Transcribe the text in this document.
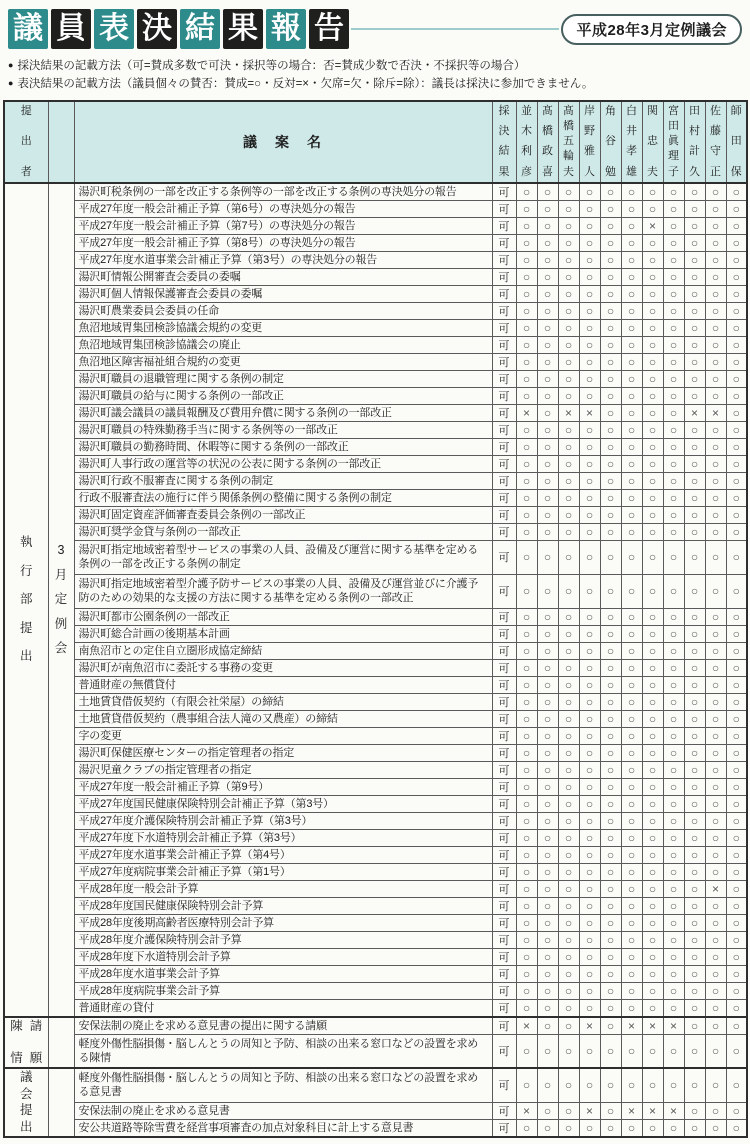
議 員 表 決 結 果 報 告	平成28年3月定例議会
● 採決結果の記載方法（可=賛成多数で可決・採択等の場合：否=賛成少数で否決・不採択等の場合）
● 表決結果の記載方法（議員個々の賛否：賛成=○・反対=×・欠席=欠・除斥=除）：議長は採決に参加できません。
提
出
者		議　案　名	採
決
結
果	並
木
利
彦	髙
橋
政
喜	髙
橋
五
輪
夫	岸
野
雅
人	角
谷
勉	白
井
孝
雄	関
忠
夫	宮
田
眞
理
子	田
村
計
久	佐
藤
守
正	師
田
保

執
行
部
提
出	3
月
定
例
会	湯沢町税条例の一部を改正する条例等の一部を改正する条例の専決処分の報告	可	○	○	○	○	○	○	○	○	○	○	○
		平成27年度一般会計補正予算（第6号）の専決処分の報告	可	○	○	○	○	○	○	○	○	○	○	○
		平成27年度一般会計補正予算（第7号）の専決処分の報告	可	○	○	○	○	○	○	×	○	○	○	○
		平成27年度一般会計補正予算（第8号）の専決処分の報告	可	○	○	○	○	○	○	○	○	○	○	○
		平成27年度水道事業会計補正予算（第3号）の専決処分の報告	可	○	○	○	○	○	○	○	○	○	○	○
		湯沢町情報公開審査会委員の委嘱	可	○	○	○	○	○	○	○	○	○	○	○
		湯沢町個人情報保護審査会委員の委嘱	可	○	○	○	○	○	○	○	○	○	○	○
		湯沢町農業委員会委員の任命	可	○	○	○	○	○	○	○	○	○	○	○
		魚沼地域胃集団検診協議会規約の変更	可	○	○	○	○	○	○	○	○	○	○	○
		魚沼地域胃集団検診協議会の廃止	可	○	○	○	○	○	○	○	○	○	○	○
		魚沼地区障害福祉組合規約の変更	可	○	○	○	○	○	○	○	○	○	○	○
		湯沢町職員の退職管理に関する条例の制定	可	○	○	○	○	○	○	○	○	○	○	○
		湯沢町職員の給与に関する条例の一部改正	可	○	○	○	○	○	○	○	○	○	○	○
		湯沢町議会議員の議員報酬及び費用弁償に関する条例の一部改正	可	×	○	×	×	○	○	○	○	×	×	○
		湯沢町職員の特殊勤務手当に関する条例等の一部改正	可	○	○	○	○	○	○	○	○	○	○	○
		湯沢町職員の勤務時間、休暇等に関する条例の一部改正	可	○	○	○	○	○	○	○	○	○	○	○
		湯沢町人事行政の運営等の状況の公表に関する条例の一部改正	可	○	○	○	○	○	○	○	○	○	○	○
		湯沢町行政不服審査に関する条例の制定	可	○	○	○	○	○	○	○	○	○	○	○
		行政不服審査法の施行に伴う関係条例の整備に関する条例の制定	可	○	○	○	○	○	○	○	○	○	○	○
		湯沢町固定資産評価審査委員会条例の一部改正	可	○	○	○	○	○	○	○	○	○	○	○
		湯沢町奨学金貸与条例の一部改正	可	○	○	○	○	○	○	○	○	○	○	○
		湯沢町指定地域密着型サービスの事業の人員、設備及び運営に関する基準を定める条例の一部を改正する条例の制定	可	○	○	○	○	○	○	○	○	○	○	○
		湯沢町指定地域密着型介護予防サービスの事業の人員、設備及び運営並びに介護予防のための効果的な支援の方法に関する基準を定める条例の一部改正	可	○	○	○	○	○	○	○	○	○	○	○
		湯沢町都市公園条例の一部改正	可	○	○	○	○	○	○	○	○	○	○	○
		湯沢町総合計画の後期基本計画	可	○	○	○	○	○	○	○	○	○	○	○
		南魚沼市との定住自立圏形成協定締結	可	○	○	○	○	○	○	○	○	○	○	○
		湯沢町が南魚沼市に委託する事務の変更	可	○	○	○	○	○	○	○	○	○	○	○
		普通財産の無償貸付	可	○	○	○	○	○	○	○	○	○	○	○
		土地賃貸借仮契約（有限会社栄屋）の締結	可	○	○	○	○	○	○	○	○	○	○	○
		土地賃貸借仮契約（農事組合法人滝の又農産）の締結	可	○	○	○	○	○	○	○	○	○	○	○
		字の変更	可	○	○	○	○	○	○	○	○	○	○	○
		湯沢町保健医療センターの指定管理者の指定	可	○	○	○	○	○	○	○	○	○	○	○
		湯沢児童クラブの指定管理者の指定	可	○	○	○	○	○	○	○	○	○	○	○
		平成27年度一般会計補正予算（第9号）	可	○	○	○	○	○	○	○	○	○	○	○
		平成27年度国民健康保険特別会計補正予算（第3号）	可	○	○	○	○	○	○	○	○	○	○	○
		平成27年度介護保険特別会計補正予算（第3号）	可	○	○	○	○	○	○	○	○	○	○	○
		平成27年度下水道特別会計補正予算（第3号）	可	○	○	○	○	○	○	○	○	○	○	○
		平成27年度水道事業会計補正予算（第4号）	可	○	○	○	○	○	○	○	○	○	○	○
		平成27年度病院事業会計補正予算（第1号）	可	○	○	○	○	○	○	○	○	○	○	○
		平成28年度一般会計予算	可	○	○	○	○	○	○	○	○	○	×	○
		平成28年度国民健康保険特別会計予算	可	○	○	○	○	○	○	○	○	○	○	○
		平成28年度後期高齢者医療特別会計予算	可	○	○	○	○	○	○	○	○	○	○	○
		平成28年度介護保険特別会計予算	可	○	○	○	○	○	○	○	○	○	○	○
		平成28年度下水道特別会計予算	可	○	○	○	○	○	○	○	○	○	○	○
		平成28年度水道事業会計予算	可	○	○	○	○	○	○	○	○	○	○	○
		平成28年度病院事業会計予算	可	○	○	○	○	○	○	○	○	○	○	○
		普通財産の貸付	可	○	○	○	○	○	○	○	○	○	○	○

陳
情
請
願		安保法制の廃止を求める意見書の提出に関する請願	可	×	○	○	×	○	×	×	×	○	○	○
		軽度外傷性脳損傷・脳しんとうの周知と予防、相談の出来る窓口などの設置を求める陳情	可	○	○	○	○	○	○	○	○	○	○	○

議
会
提
出		軽度外傷性脳損傷・脳しんとうの周知と予防、相談の出来る窓口などの設置を求める意見書	可	○	○	○	○	○	○	○	○	○	○	○
		安保法制の廃止を求める意見書	可	×	○	○	×	○	×	×	×	○	○	○
		安公共道路等除雪費を経営事項審査の加点対象科目に計上する意見書	可	○	○	○	○	○	○	○	○	○	○	○
